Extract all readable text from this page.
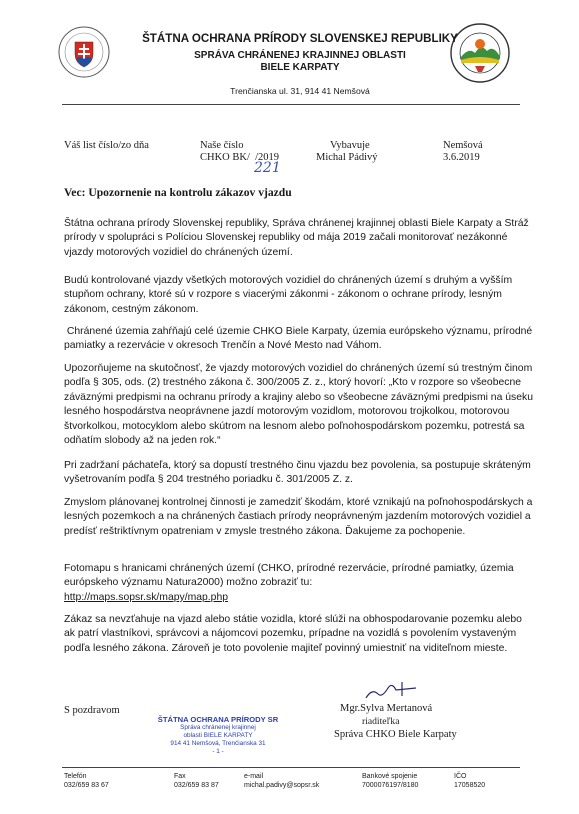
ŠTÁTNA OCHRANA PRÍRODY SLOVENSKEJ REPUBLIKY
SPRÁVA CHRÁNENEJ KRAJINNEJ OBLASTI
BIELE KARPATY
Trenčianska ul. 31, 914 41 Nemšová
Váš list číslo/zo dňa	Naše číslo
CHKO BK/  /2019
221
Vybavuje
Michal Pádivý
Nemšová
3.6.2019
Vec: Upozornenie na kontrolu zákazov vjazdu

Štátna ochrana prírody Slovenskej republiky, Správa chránenej krajinnej oblasti Biele Karpaty a Stráž prírody v spolupráci s Políciou Slovenskej republiky od mája 2019 začali monitorovať nezákonné vjazdy motorových vozidiel do chránených území.

Budú kontrolované vjazdy všetkých motorových vozidiel do chránených území s druhým a vyšším stupňom ochrany, ktoré sú v rozpore s viacerými zákonmi - zákonom o ochrane prírody, lesným zákonom, cestným zákonom.

Chránené územia zahŕňajú celé územie CHKO Biele Karpaty, územia európskeho významu, prírodné pamiatky a rezervácie v okresoch Trenčín a Nové Mesto nad Váhom.

Upozorňujeme na skutočnosť, že vjazdy motorových vozidiel do chránených území sú trestným činom podľa § 305, ods. (2) trestného zákona č. 300/2005 Z. z., ktorý hovorí: „Kto v rozpore so všeobecne záväznými predpismi na ochranu prírody a krajiny alebo so všeobecne záväznými predpismi na úseku lesného hospodárstva neoprávnene jazdí motorovým vozidlom, motorovou trojkolkou, motorovou štvorkolkou, motocyklom alebo skútrom na lesnom alebo poľnohospodárskom pozemku, potrestá sa odňatím slobody až na jeden rok.“

Pri zadržaní páchateľa, ktorý sa dopustí trestného činu vjazdu bez povolenia, sa postupuje skráteným vyšetrovaním podľa § 204 trestného poriadku č. 301/2005 Z. z.

Zmyslom plánovanej kontrolnej činnosti je zamedziť škodám, ktoré vznikajú na poľnohospodárskych a lesných pozemkoch a na chránených častiach prírody neoprávneným jazdením motorových vozidiel a predísť reštriktívnym opatreniam v zmysle trestného zákona. Ďakujeme za pochopenie.

Fotomapu s hranicami chránených území (CHKO, prírodné rezervácie, prírodné pamiatky, územia európskeho významu Natura2000) možno zobraziť tu:

http://maps.sopsr.sk/mapy/map.php

Zákaz sa nevzťahuje na vjazd alebo státie vozidla, ktoré slúži na obhospodarovanie pozemku alebo ak patrí vlastníkovi, správcovi a nájomcovi pozemku, prípadne na vozidlá s povolením vystaveným podľa lesného zákona. Zároveň je toto povolenie majiteľ povinný umiestniť na viditeľnom mieste.

S pozdravom	Mgr.Sylva Mertanová
riaditeľka
Správa CHKO Biele Karpaty
ŠTÁTNA OCHRANA PRÍRODY SR
Správa chránenej krajinnej
oblasti BIELE KARPATY
914 41 Nemšová, Trenčianska 31
- 1 -
Telefón
032/659 83 67
Fax
032/659 83 87
e-mail
michal.padivy@sopsr.sk
Bankové spojenie
7000076197/8180
IČO
17058520
